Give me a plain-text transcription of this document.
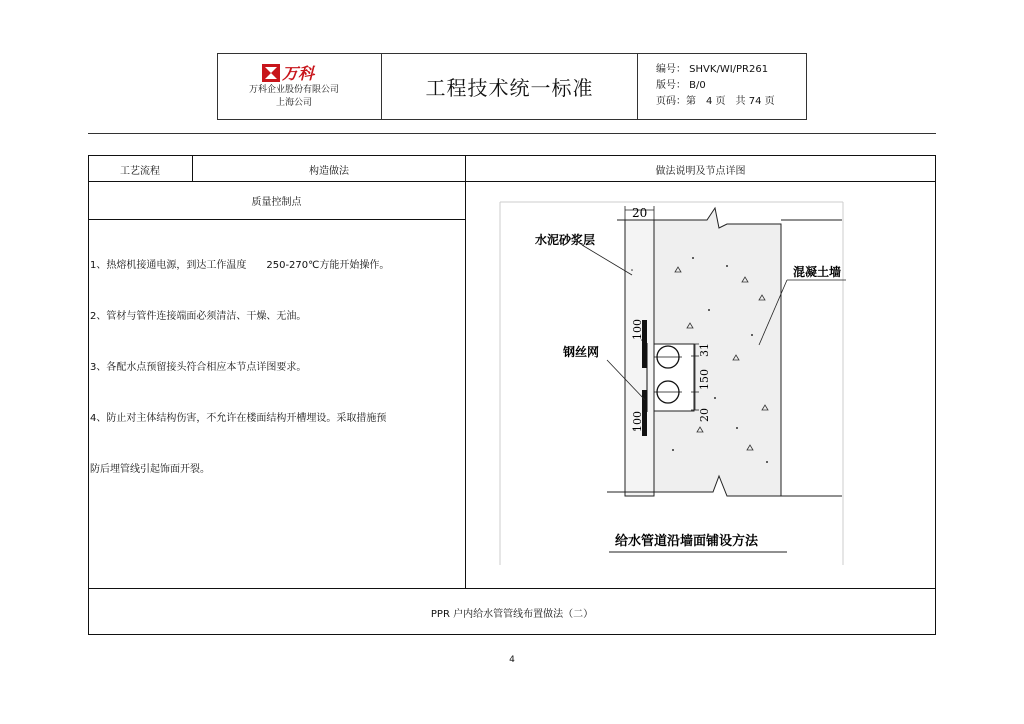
万科
万科企业股份有限公司
上海公司
工程技术统一标准
编号： SHVK/WI/PR261
版号： B/0
页码：第　4 页　共 74 页
工艺流程	构造做法	做法说明及节点详图
质量控制点

1、热熔机接通电源，到达工作温度　　250-270℃方能开始操作。

2、管材与管件连接端面必须清洁、干燥、无油。

3、各配水点预留接头符合相应本节点详图要求。

4、防止对主体结构伤害，不允许在楼面结构开槽埋设。采取措施预

防后埋管线引起饰面开裂。

20
100
31
150
20
100
水泥砂浆层
混凝土墙
钢丝网
给水管道沿墙面铺设方法
PPR 户内给水管管线布置做法（二）
4
